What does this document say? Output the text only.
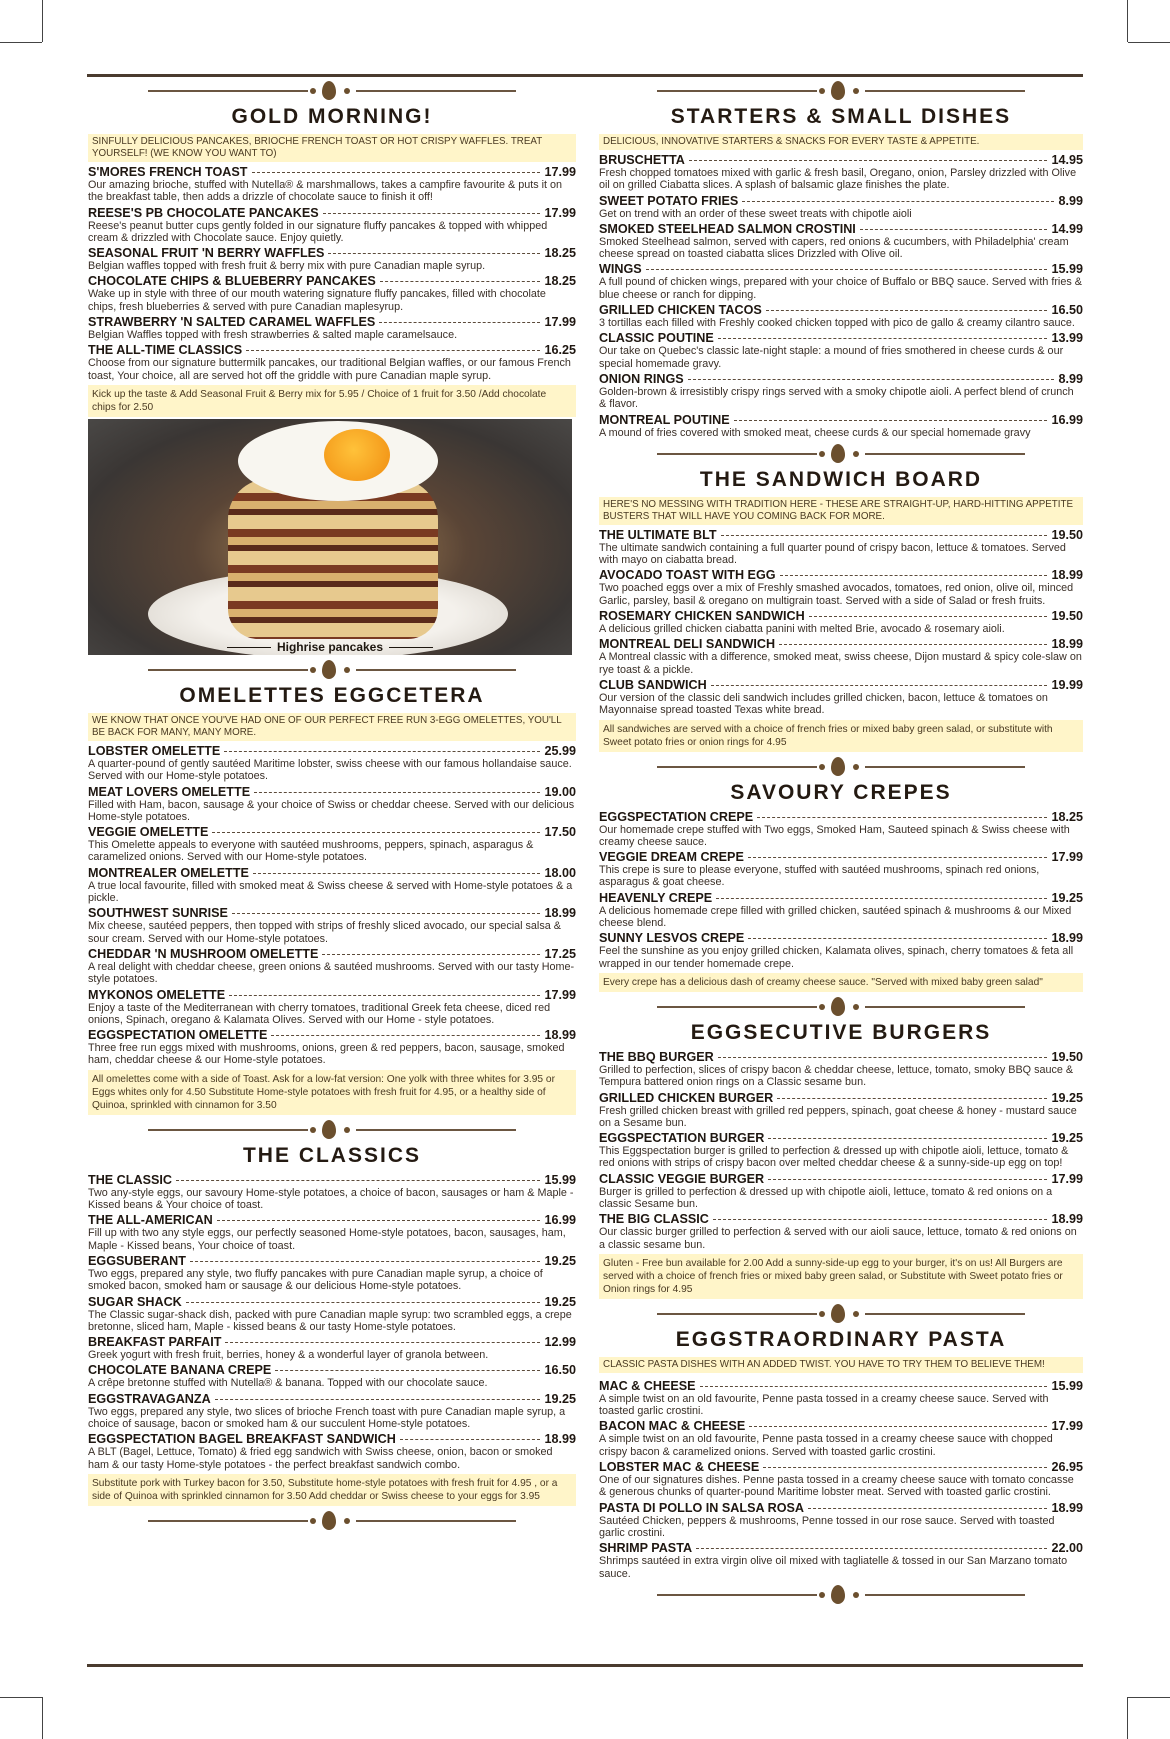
GOLD MORNING!
SINFULLY DELICIOUS PANCAKES, BRIOCHE FRENCH TOAST OR HOT CRISPY WAFFLES. TREAT YOURSELF! (WE KNOW YOU WANT TO)
S'MORES FRENCH TOAST	17.99
Our amazing brioche, stuffed with Nutella® & marshmallows, takes a campfire favourite & puts it on the breakfast table, then adds a drizzle of chocolate sauce to finish it off!
REESE'S PB CHOCOLATE PANCAKES	17.99
Reese's peanut butter cups gently folded in our signature fluffy pancakes & topped with whipped cream & drizzled with Chocolate sauce. Enjoy quietly.
SEASONAL FRUIT 'N BERRY WAFFLES	18.25
Belgian waffles topped with fresh fruit & berry mix with pure Canadian maple syrup.
CHOCOLATE CHIPS & BLUEBERRY PANCAKES	18.25
Wake up in style with three of our mouth watering signature fluffy pancakes, filled with chocolate chips, fresh blueberries & served with pure Canadian maplesyrup.
STRAWBERRY 'N SALTED CARAMEL WAFFLES	17.99
Belgian Waffles topped with fresh strawberries & salted maple caramelsauce.
THE ALL-TIME CLASSICS	16.25
Choose from our signature buttermilk pancakes, our traditional Belgian waffles, or our famous French toast, Your choice, all are served hot off the griddle with pure Canadian maple syrup.
Kick up the taste & Add Seasonal Fruit & Berry mix for 5.95 / Choice of 1 fruit for 3.50 /Add chocolate chips for 2.50
Highrise pancakes
OMELETTES EGGCETERA
WE KNOW THAT ONCE YOU'VE HAD ONE OF OUR PERFECT FREE RUN 3-EGG OMELETTES, YOU'LL BE BACK FOR MANY, MANY MORE.
LOBSTER OMELETTE	25.99
A quarter-pound of gently sautéed Maritime lobster, swiss cheese with our famous hollandaise sauce. Served with our Home-style potatoes.
MEAT LOVERS OMELETTE	19.00
Filled with Ham, bacon, sausage & your choice of Swiss or cheddar cheese. Served with our delicious Home-style potatoes.
VEGGIE OMELETTE	17.50
This Omelette appeals to everyone with sautéed mushrooms, peppers, spinach, asparagus & caramelized onions. Served with our Home-style potatoes.
MONTREALER OMELETTE	18.00
A true local favourite, filled with smoked meat & Swiss cheese & served with Home-style potatoes & a pickle.
SOUTHWEST SUNRISE	18.99
Mix cheese, sautéed peppers, then topped with strips of freshly sliced avocado, our special salsa & sour cream. Served with our Home-style potatoes.
CHEDDAR 'N MUSHROOM OMELETTE	17.25
A real delight with cheddar cheese, green onions & sautéed mushrooms. Served with our tasty Home-style potatoes.
MYKONOS OMELETTE	17.99
Enjoy a taste of the Mediterranean with cherry tomatoes, traditional Greek feta cheese, diced red onions, Spinach, oregano & Kalamata Olives. Served with our Home - style potatoes.
EGGSPECTATION OMELETTE	18.99
Three free run eggs mixed with mushrooms, onions, green & red peppers, bacon, sausage, smoked ham, cheddar cheese & our Home-style potatoes.
All omelettes come with a side of Toast. Ask for a low-fat version: One yolk with three whites for 3.95 or Eggs whites only for 4.50 Substitute Home-style potatoes with fresh fruit for 4.95, or a healthy side of Quinoa, sprinkled with cinnamon for 3.50
THE CLASSICS
THE CLASSIC	15.99
Two any-style eggs, our savoury Home-style potatoes, a choice of bacon, sausages or ham & Maple - Kissed beans & Your choice of toast.
THE ALL-AMERICAN	16.99
Fill up with two any style eggs, our perfectly seasoned Home-style potatoes, bacon, sausages, ham, Maple - Kissed beans, Your choice of toast.
EGGSUBERANT	19.25
Two eggs, prepared any style, two fluffy pancakes with pure Canadian maple syrup, a choice of smoked bacon, smoked ham or sausage & our delicious Home-style potatoes.
SUGAR SHACK	19.25
The Classic sugar-shack dish, packed with pure Canadian maple syrup: two scrambled eggs, a crepe bretonne, sliced ham, Maple - kissed beans & our tasty Home-style potatoes.
BREAKFAST PARFAIT	12.99
Greek yogurt with fresh fruit, berries, honey & a wonderful layer of granola between.
CHOCOLATE BANANA CREPE	16.50
A crêpe bretonne stuffed with Nutella® & banana. Topped with our chocolate sauce.
EGGSTRAVAGANZA	19.25
Two eggs, prepared any style, two slices of brioche French toast with pure Canadian maple syrup, a choice of sausage, bacon or smoked ham & our succulent Home-style potatoes.
EGGSPECTATION BAGEL BREAKFAST SANDWICH	18.99
A BLT (Bagel, Lettuce, Tomato) & fried egg sandwich with Swiss cheese, onion, bacon or smoked ham & our tasty Home-style potatoes - the perfect breakfast sandwich combo.
Substitute pork with Turkey bacon for 3.50, Substitute home-style potatoes with fresh fruit for 4.95 , or a side of Quinoa with sprinkled cinnamon for 3.50 Add cheddar or Swiss cheese to your eggs for 3.95
STARTERS & SMALL DISHES
DELICIOUS, INNOVATIVE STARTERS & SNACKS FOR EVERY TASTE & APPETITE.
BRUSCHETTA	14.95
Fresh chopped tomatoes mixed with garlic & fresh basil, Oregano, onion, Parsley drizzled with Olive oil on grilled Ciabatta slices. A splash of balsamic glaze finishes the plate.
SWEET POTATO FRIES	8.99
Get on trend with an order of these sweet treats with chipotle aioli
SMOKED STEELHEAD SALMON CROSTINI	14.99
Smoked Steelhead salmon, served with capers, red onions & cucumbers, with Philadelphia' cream cheese spread on toasted ciabatta slices Drizzled with Olive oil.
WINGS	15.99
A full pound of chicken wings, prepared with your choice of Buffalo or BBQ sauce. Served with fries & blue cheese or ranch for dipping.
GRILLED CHICKEN TACOS	16.50
3 tortillas each filled with Freshly cooked chicken topped with pico de gallo & creamy cilantro sauce.
CLASSIC POUTINE	13.99
Our take on Quebec's classic late-night staple: a mound of fries smothered in cheese curds & our special homemade gravy.
ONION RINGS	8.99
Golden-brown & irresistibly crispy rings served with a smoky chipotle aioli. A perfect blend of crunch & flavor.
MONTREAL POUTINE	16.99
A mound of fries covered with smoked meat, cheese curds & our special homemade gravy
THE SANDWICH BOARD
HERE'S NO MESSING WITH TRADITION HERE - THESE ARE STRAIGHT-UP, HARD-HITTING APPETITE BUSTERS THAT WILL HAVE YOU COMING BACK FOR MORE.
THE ULTIMATE BLT	19.50
The ultimate sandwich containing a full quarter pound of crispy bacon, lettuce & tomatoes. Served with mayo on ciabatta bread.
AVOCADO TOAST WITH EGG	18.99
Two poached eggs over a mix of Freshly smashed avocados, tomatoes, red onion, olive oil, minced Garlic, parsley, basil & oregano on multigrain toast. Served with a side of Salad or fresh fruits.
ROSEMARY CHICKEN SANDWICH	19.50
A delicious grilled chicken ciabatta panini with melted Brie, avocado & rosemary aioli.
MONTREAL DELI SANDWICH	18.99
A Montreal classic with a difference, smoked meat, swiss cheese, Dijon mustard & spicy cole-slaw on rye toast & a pickle.
CLUB SANDWICH	19.99
Our version of the classic deli sandwich includes grilled chicken, bacon, lettuce & tomatoes on Mayonnaise spread toasted Texas white bread.
All sandwiches are served with a choice of french fries or mixed baby green salad, or substitute with Sweet potato fries or onion rings for 4.95
SAVOURY CREPES
EGGSPECTATION CREPE	18.25
Our homemade crepe stuffed with Two eggs, Smoked Ham, Sauteed spinach & Swiss cheese with creamy cheese sauce.
VEGGIE DREAM CREPE	17.99
This crepe is sure to please everyone, stuffed with sautéed mushrooms, spinach red onions, asparagus & goat cheese.
HEAVENLY CREPE	19.25
A delicious homemade crepe filled with grilled chicken, sautéed spinach & mushrooms & our Mixed cheese blend.
SUNNY LESVOS CREPE	18.99
Feel the sunshine as you enjoy grilled chicken, Kalamata olives, spinach, cherry tomatoes & feta all wrapped in our tender homemade crepe.
Every crepe has a delicious dash of creamy cheese sauce. "Served with mixed baby green salad"
EGGSECUTIVE BURGERS
THE BBQ BURGER	19.50
Grilled to perfection, slices of crispy bacon & cheddar cheese, lettuce, tomato, smoky BBQ sauce & Tempura battered onion rings on a Classic sesame bun.
GRILLED CHICKEN BURGER	19.25
Fresh grilled chicken breast with grilled red peppers, spinach, goat cheese & honey - mustard sauce on a Sesame bun.
EGGSPECTATION BURGER	19.25
This Eggspectation burger is grilled to perfection & dressed up with chipotle aioli, lettuce, tomato & red onions with strips of crispy bacon over melted cheddar cheese & a sunny-side-up egg on top!
CLASSIC VEGGIE BURGER	17.99
Burger is grilled to perfection & dressed up with chipotle aioli, lettuce, tomato & red onions on a classic Sesame bun.
THE BIG CLASSIC	18.99
Our classic burger grilled to perfection & served with our aioli sauce, lettuce, tomato & red onions on a classic sesame bun.
Gluten - Free bun available for 2.00 Add a sunny-side-up egg to your burger, it's on us! All Burgers are served with a choice of french fries or mixed baby green salad, or Substitute with Sweet potato fries or Onion rings for 4.95
EGGSTRAORDINARY PASTA
CLASSIC PASTA DISHES WITH AN ADDED TWIST. YOU HAVE TO TRY THEM TO BELIEVE THEM!
MAC & CHEESE	15.99
A simple twist on an old favourite, Penne pasta tossed in a creamy cheese sauce. Served with toasted garlic crostini.
BACON MAC & CHEESE	17.99
A simple twist on an old favourite, Penne pasta tossed in a creamy cheese sauce with chopped crispy bacon & caramelized onions. Served with toasted garlic crostini.
LOBSTER MAC & CHEESE	26.95
One of our signatures dishes. Penne pasta tossed in a creamy cheese sauce with tomato concasse & generous chunks of quarter-pound Maritime lobster meat. Served with toasted garlic crostini.
PASTA DI POLLO IN SALSA ROSA	18.99
Sautéed Chicken, peppers & mushrooms, Penne tossed in our rose sauce. Served with toasted garlic crostini.
SHRIMP PASTA	22.00
Shrimps sautéed in extra virgin olive oil mixed with tagliatelle & tossed in our San Marzano tomato sauce.
